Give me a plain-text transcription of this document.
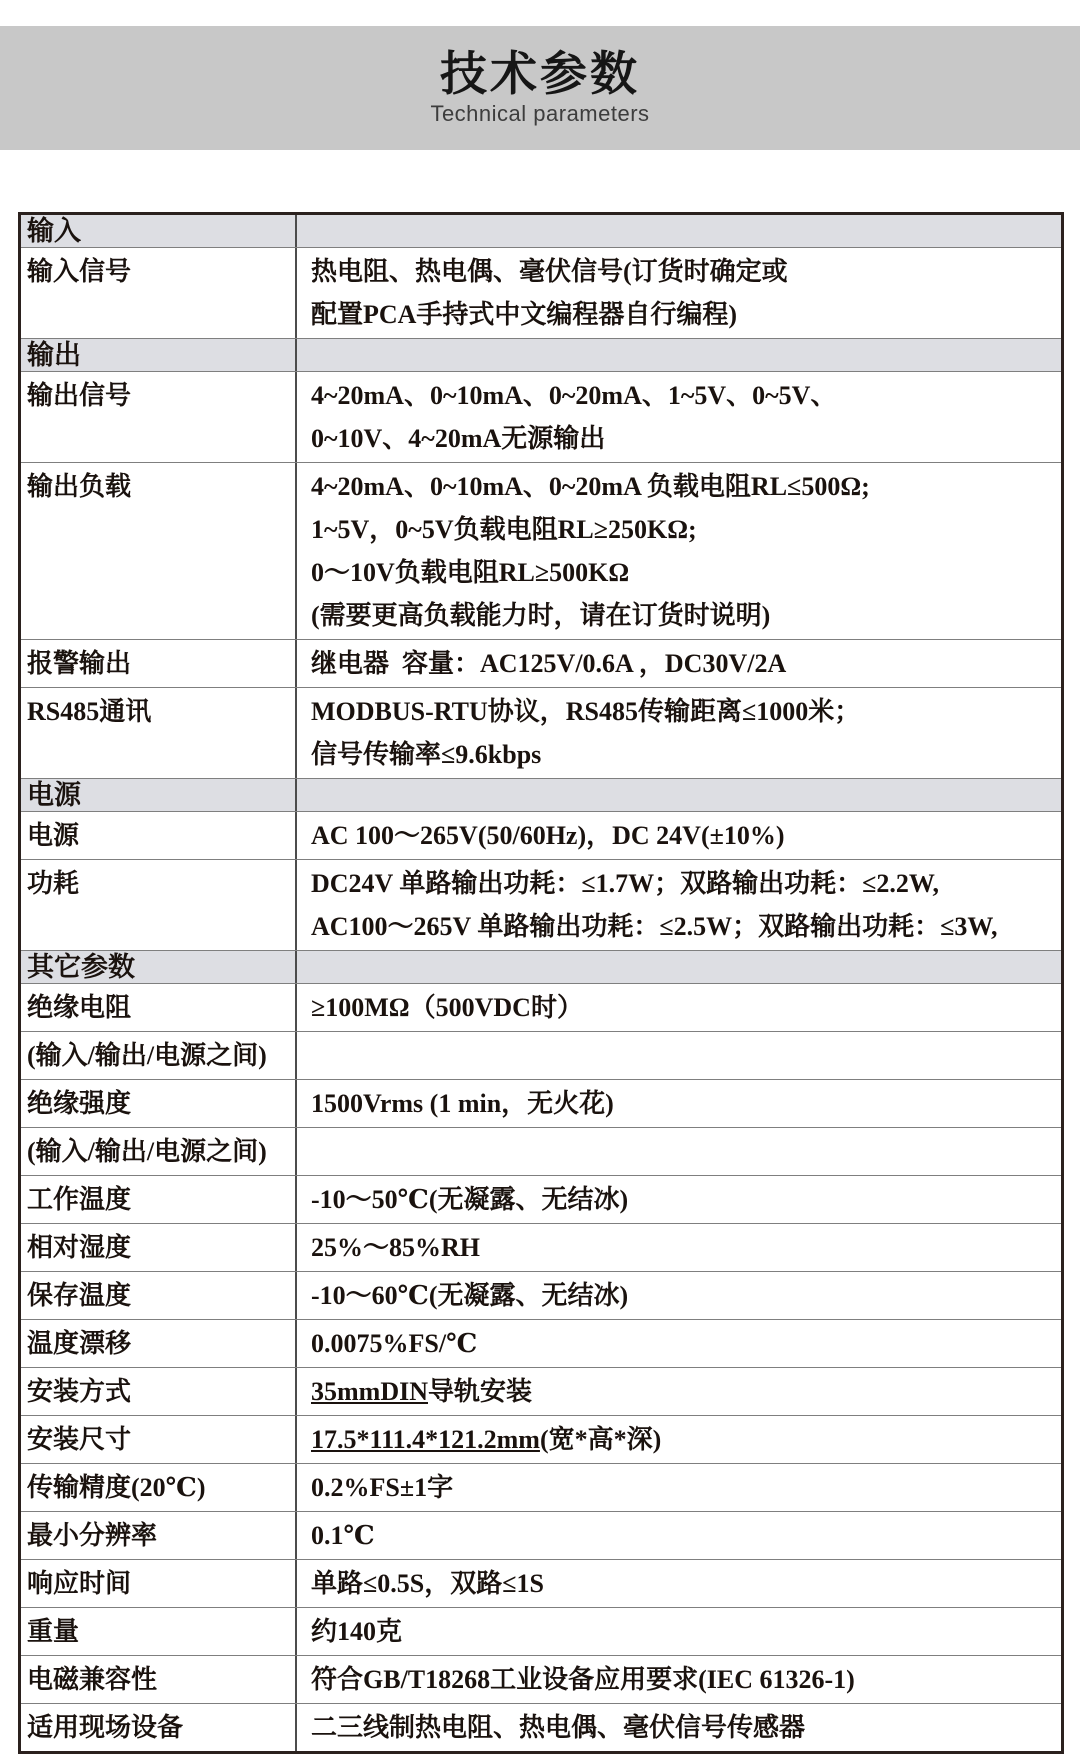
技术参数
Technical parameters
输入
输入信号	热电阻、热电偶、毫伏信号(订货时确定或
配置PCA手持式中文编程器自行编程)
输出
输出信号	4~20mA、0~10mA、0~20mA、1~5V、0~5V、
0~10V、4~20mA无源输出
输出负载	4~20mA、0~10mA、0~20mA 负载电阻RL≤500Ω;
1~5V，0~5V负载电阻RL≥250KΩ;
0～10V负载电阻RL≥500KΩ
(需要更高负载能力时，请在订货时说明)
报警输出	继电器  容量：AC125V/0.6A ，DC30V/2A
RS485通讯	MODBUS-RTU协议，RS485传输距离≤1000米；
信号传输率≤9.6kbps
电源
电源	AC 100～265V(50/60Hz)，DC 24V(±10%)
功耗	DC24V 单路输出功耗：≤1.7W；双路输出功耗：≤2.2W,
AC100～265V 单路输出功耗：≤2.5W；双路输出功耗：≤3W,
其它参数
绝缘电阻	≥100MΩ（500VDC时）
(输入/输出/电源之间)
绝缘强度	1500Vrms (1 min，无火花)
(输入/输出/电源之间)
工作温度	-10～50℃(无凝露、无结冰)
相对湿度	25%～85%RH
保存温度	-10～60℃(无凝露、无结冰)
温度漂移	0.0075%FS/℃
安装方式	35mmDIN导轨安装
安装尺寸	17.5*111.4*121.2mm(宽*高*深)
传输精度(20℃)	0.2%FS±1字
最小分辨率	0.1℃
响应时间	单路≤0.5S，双路≤1S
重量	约140克
电磁兼容性	符合GB/T18268工业设备应用要求(IEC 61326-1)
适用现场设备	二三线制热电阻、热电偶、毫伏信号传感器
